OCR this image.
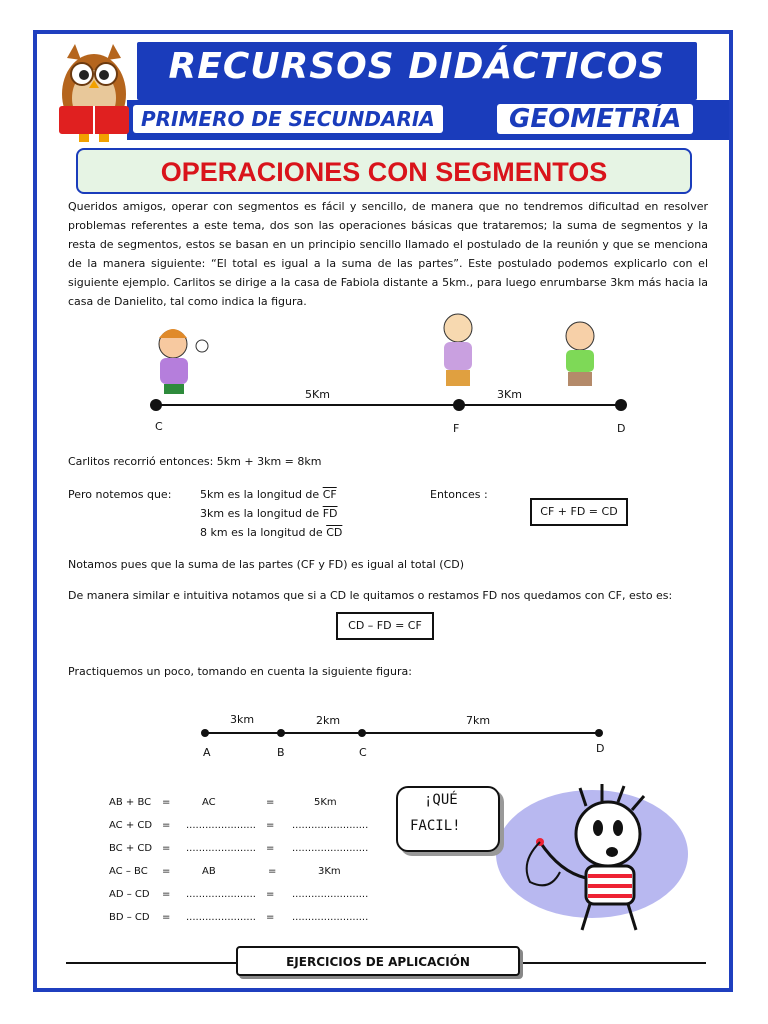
RECURSOS DIDÁCTICOS
PRIMERO DE SECUNDARIA	GEOMETRÍA
OPERACIONES CON SEGMENTOS
Queridos amigos, operar con segmentos es fácil y sencillo, de manera que no tendremos dificultad en resolver problemas referentes a este tema, dos son las operaciones básicas que trataremos; la suma de segmentos y la resta de segmentos, estos se basan en un principio sencillo llamado el postulado de la reunión y que se menciona de la manera siguiente: “El total es igual a la suma de las partes”. Este postulado podemos explicarlo con el siguiente ejemplo. Carlitos se dirige a la casa de Fabiola distante a 5km., para luego enrumbarse 3km más hacia la casa de Danielito, tal como indica la figura.
5Km	3Km
C	F	D
Carlitos recorrió entonces: 5km + 3km = 8km
Pero notemos que:	5km es la longitud de $\overline{CF}$
3km es la longitud de $\overline{FD}$
8 km es la longitud de $\overline{CD}$
Entonces :
CF + FD = CD
Notamos pues que la suma de las partes (CF y FD) es igual al total (CD)
De manera similar e intuitiva notamos que si a CD le quitamos o restamos FD nos quedamos con CF, esto es:
CD – FD = CF
Practiquemos un poco, tomando en cuenta la siguiente figura:
3km	2km	7km
A	B	C	D
AB + BC =	AC	=	5Km
AC + CD = ...................... = ........................
BC + CD = ...................... = ........................
AC – BC =	AB	=	3Km
AD – CD = ...................... = ........................
BD – CD = ...................... = ........................
¡QUÉ
FACIL!
EJERCICIOS DE APLICACIÓN
